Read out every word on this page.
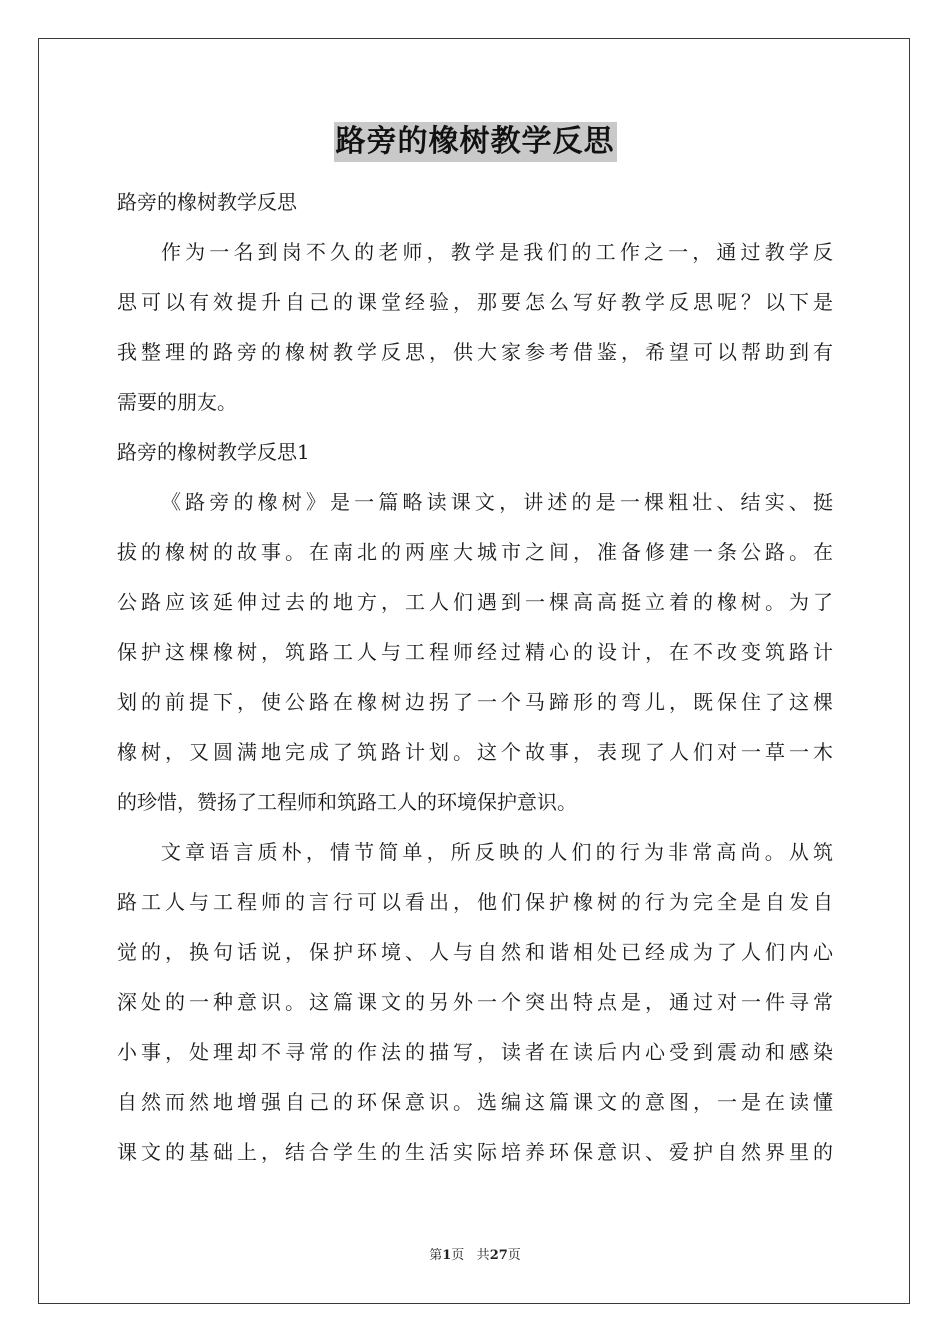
路旁的橡树教学反思
路旁的橡树教学反思
作为一名到岗不久的老师，教学是我们的工作之一，通过教学反
思可以有效提升自己的课堂经验，那要怎么写好教学反思呢？以下是
我整理的路旁的橡树教学反思，供大家参考借鉴，希望可以帮助到有
需要的朋友。
路旁的橡树教学反思1
《路旁的橡树》是一篇略读课文，讲述的是一棵粗壮、结实、挺
拔的橡树的故事。在南北的两座大城市之间，准备修建一条公路。在
公路应该延伸过去的地方，工人们遇到一棵高高挺立着的橡树。为了
保护这棵橡树，筑路工人与工程师经过精心的设计，在不改变筑路计
划的前提下，使公路在橡树边拐了一个马蹄形的弯儿，既保住了这棵
橡树，又圆满地完成了筑路计划。这个故事，表现了人们对一草一木
的珍惜，赞扬了工程师和筑路工人的环境保护意识。
文章语言质朴，情节简单，所反映的人们的行为非常高尚。从筑
路工人与工程师的言行可以看出，他们保护橡树的行为完全是自发自
觉的，换句话说，保护环境、人与自然和谐相处已经成为了人们内心
深处的一种意识。这篇课文的另外一个突出特点是，通过对一件寻常
小事，处理却不寻常的作法的描写，读者在读后内心受到震动和感染
自然而然地增强自己的环保意识。选编这篇课文的意图，一是在读懂
课文的基础上，结合学生的生活实际培养环保意识、爱护自然界里的
第1页 共27页
